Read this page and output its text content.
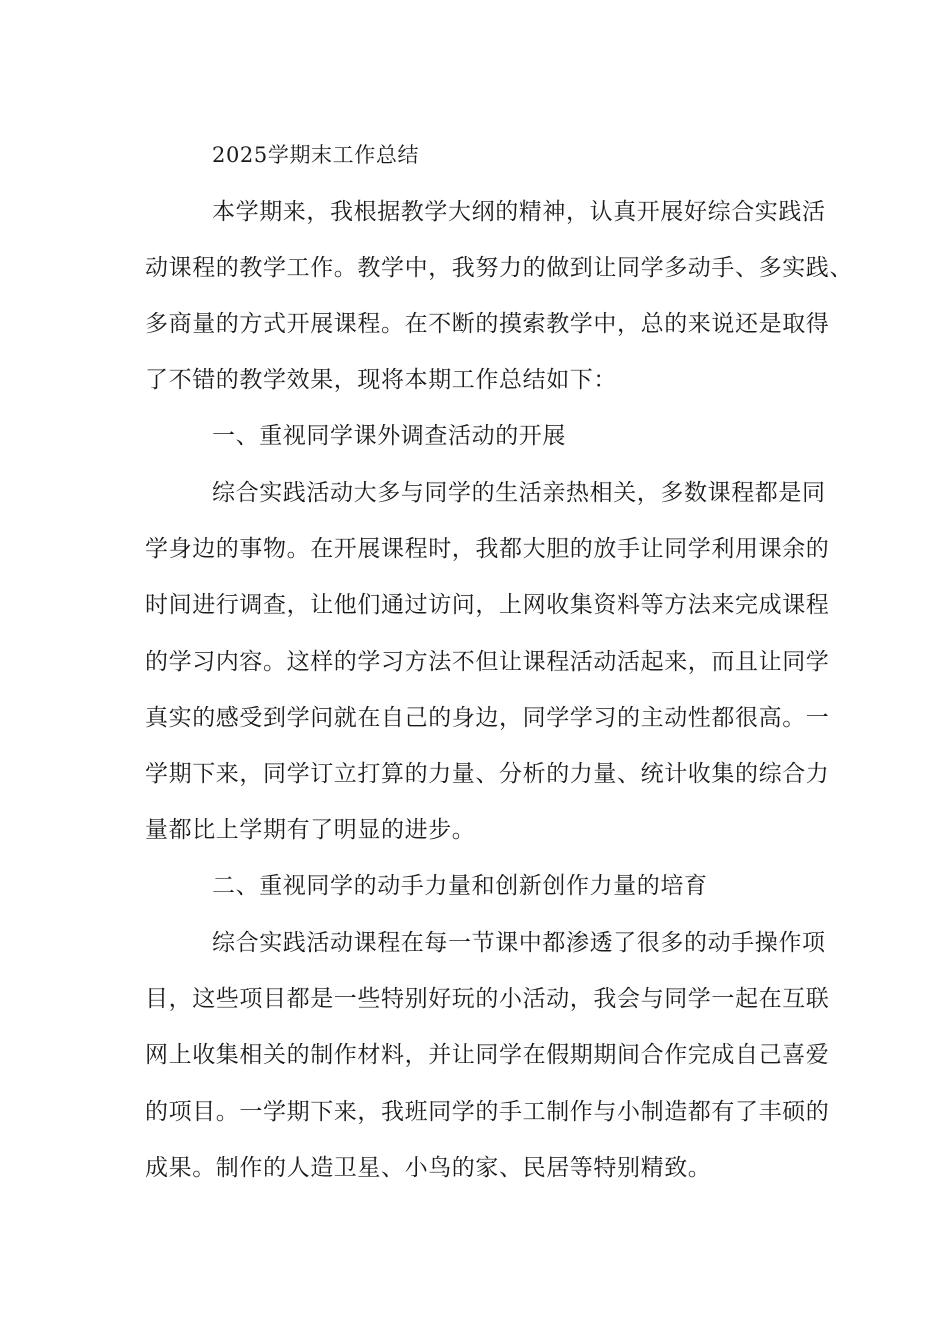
2025学期末工作总结
本学期来，我根据教学大纲的精神，认真开展好综合实践活
动课程的教学工作。教学中，我努力的做到让同学多动手、多实践、
多商量的方式开展课程。在不断的摸索教学中，总的来说还是取得
了不错的教学效果，现将本期工作总结如下：
一、重视同学课外调查活动的开展
综合实践活动大多与同学的生活亲热相关，多数课程都是同
学身边的事物。在开展课程时，我都大胆的放手让同学利用课余的
时间进行调查，让他们通过访问，上网收集资料等方法来完成课程
的学习内容。这样的学习方法不但让课程活动活起来，而且让同学
真实的感受到学问就在自己的身边，同学学习的主动性都很高。一
学期下来，同学订立打算的力量、分析的力量、统计收集的综合力
量都比上学期有了明显的进步。
二、重视同学的动手力量和创新创作力量的培育
综合实践活动课程在每一节课中都渗透了很多的动手操作项
目，这些项目都是一些特别好玩的小活动，我会与同学一起在互联
网上收集相关的制作材料，并让同学在假期期间合作完成自己喜爱
的项目。一学期下来，我班同学的手工制作与小制造都有了丰硕的
成果。制作的人造卫星、小鸟的家、民居等特别精致。
